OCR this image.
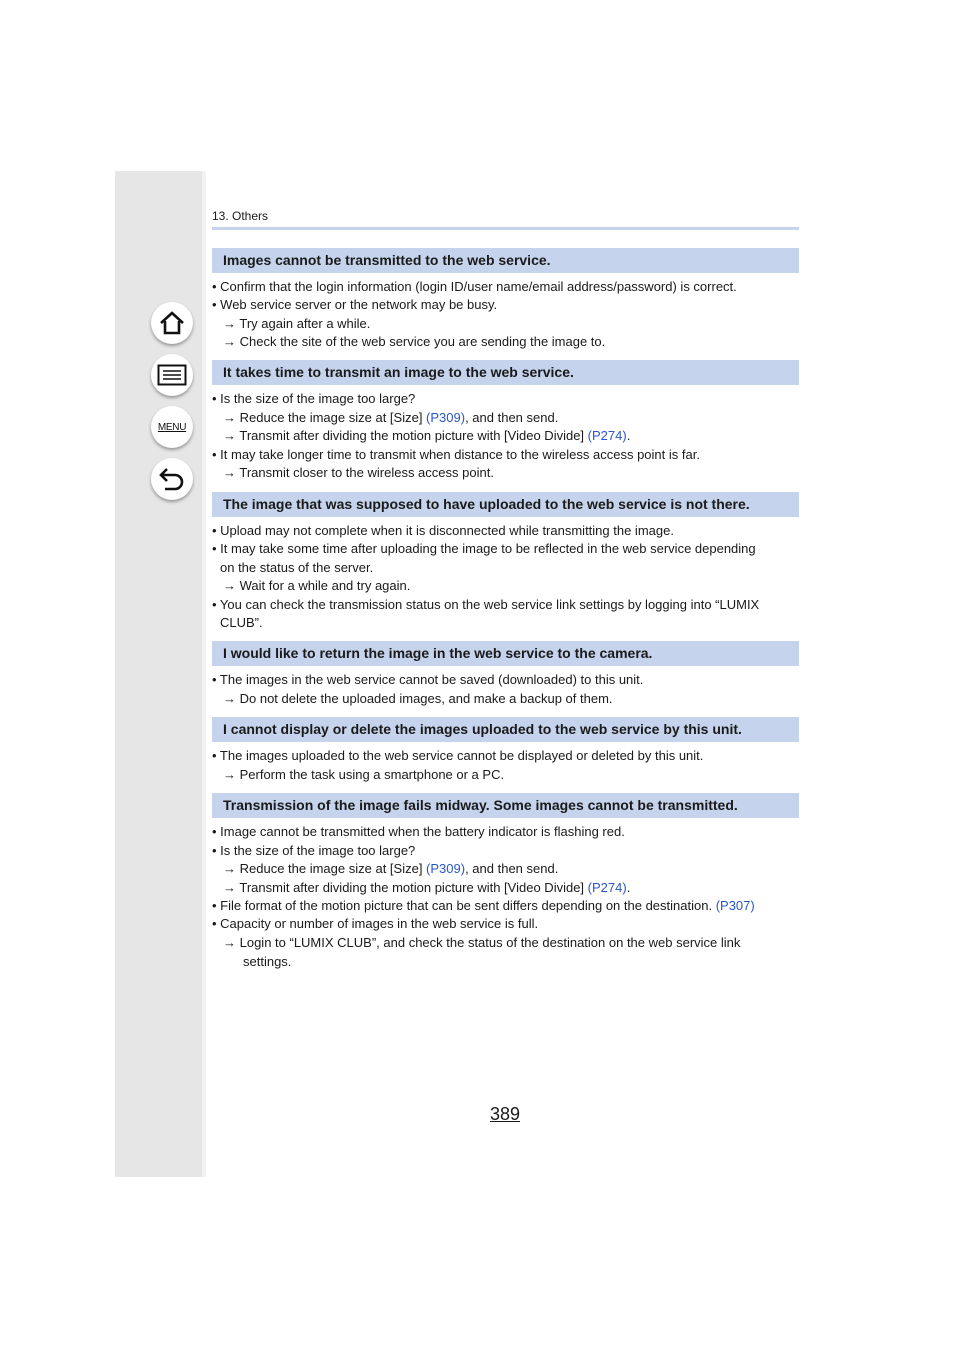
MENU
13. Others
Images cannot be transmitted to the web service.
• Confirm that the login information (login ID/user name/email address/password) is correct.
• Web service server or the network may be busy.
→ Try again after a while.
→ Check the site of the web service you are sending the image to.
It takes time to transmit an image to the web service.
• Is the size of the image too large?
→ Reduce the image size at [Size] (P309), and then send.
→ Transmit after dividing the motion picture with [Video Divide] (P274).
• It may take longer time to transmit when distance to the wireless access point is far.
→ Transmit closer to the wireless access point.
The image that was supposed to have uploaded to the web service is not there.
• Upload may not complete when it is disconnected while transmitting the image.
• It may take some time after uploading the image to be reflected in the web service depending
on the status of the server.
→ Wait for a while and try again.
• You can check the transmission status on the web service link settings by logging into “LUMIX
CLUB”.
I would like to return the image in the web service to the camera.
• The images in the web service cannot be saved (downloaded) to this unit.
→ Do not delete the uploaded images, and make a backup of them.
I cannot display or delete the images uploaded to the web service by this unit.
• The images uploaded to the web service cannot be displayed or deleted by this unit.
→ Perform the task using a smartphone or a PC.
Transmission of the image fails midway. Some images cannot be transmitted.
• Image cannot be transmitted when the battery indicator is flashing red.
• Is the size of the image too large?
→ Reduce the image size at [Size] (P309), and then send.
→ Transmit after dividing the motion picture with [Video Divide] (P274).
• File format of the motion picture that can be sent differs depending on the destination. (P307)
• Capacity or number of images in the web service is full.
→ Login to “LUMIX CLUB”, and check the status of the destination on the web service link
settings.
389
